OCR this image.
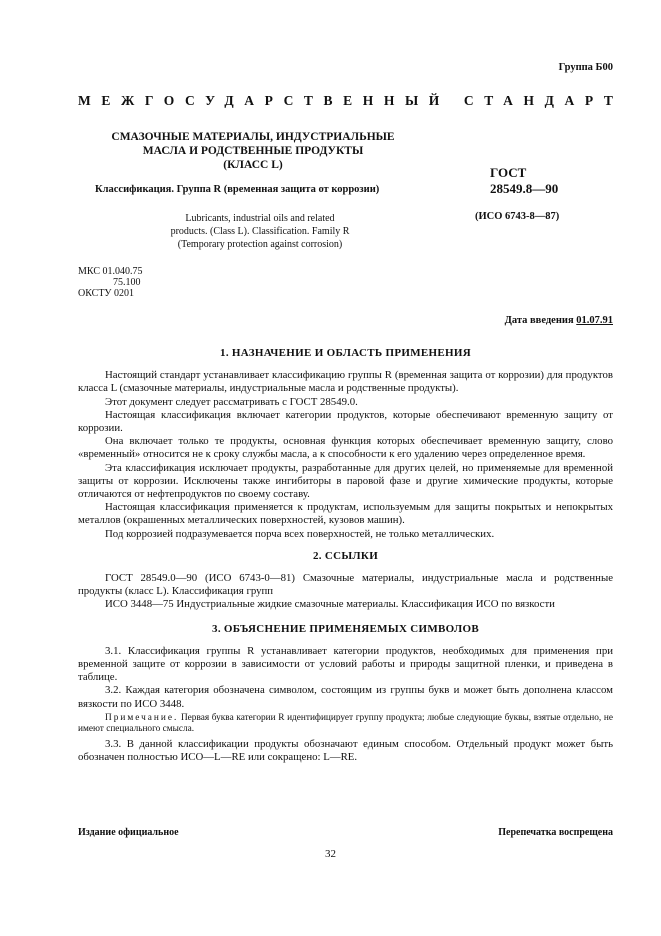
Группа Б00
МЕЖГОСУДАРСТВЕННЫЙ СТАНДАРТ
СМАЗОЧНЫЕ МАТЕРИАЛЫ, ИНДУСТРИАЛЬНЫЕ
МАСЛА И РОДСТВЕННЫЕ ПРОДУКТЫ
(КЛАСС L)
Классификация. Группа R (временная защита от коррозии)
ГОСТ
28549.8—90
(ИСО 6743-8—87)
Lubricants, industrial oils and related
products. (Class L). Classification. Family R
(Temporary protection against corrosion)
МКС 01.040.75
75.100
ОКСТУ 0201
Дата введения 01.07.91
1. НАЗНАЧЕНИЕ И ОБЛАСТЬ ПРИМЕНЕНИЯ

Настоящий стандарт устанавливает классификацию группы R (временная защита от коррозии) для продуктов класса L (смазочные материалы, индустриальные масла и родственные продукты).

Этот документ следует рассматривать с ГОСТ 28549.0.

Настоящая классификация включает категории продуктов, которые обеспечивают временную защиту от коррозии.

Она включает только те продукты, основная функция которых обеспечивает временную защиту, слово «временный» относится не к сроку службы масла, а к способности к его удалению через определенное время.

Эта классификация исключает продукты, разработанные для других целей, но применяемые для временной защиты от коррозии. Исключены также ингибиторы в паровой фазе и другие химические продукты, которые отличаются от нефтепродуктов по своему составу.

Настоящая классификация применяется к продуктам, используемым для защиты покрытых и непокрытых металлов (окрашенных металлических поверхностей, кузовов машин).

Под коррозией подразумевается порча всех поверхностей, не только металлических.

2. ССЫЛКИ

ГОСТ 28549.0—90 (ИСО 6743-0—81) Смазочные материалы, индустриальные масла и родственные продукты (класс L). Классификация групп

ИСО 3448—75 Индустриальные жидкие смазочные материалы. Классификация ИСО по вязкости

3. ОБЪЯСНЕНИЕ ПРИМЕНЯЕМЫХ СИМВОЛОВ

3.1. Классификация группы R устанавливает категории продуктов, необходимых для применения при временной защите от коррозии в зависимости от условий работы и природы защитной пленки, и приведена в таблице.

3.2. Каждая категория обозначена символом, состоящим из группы букв и может быть дополнена классом вязкости по ИСО 3448.

Примечание. Первая буква категории R идентифицирует группу продукта; любые следующие буквы, взятые отдельно, не имеют специального смысла.

3.3. В данной классификации продукты обозначают единым способом. Отдельный продукт может быть обозначен полностью ИСО—L—RE или сокращено: L—RE.

Издание официальное	Перепечатка воспрещена
32
